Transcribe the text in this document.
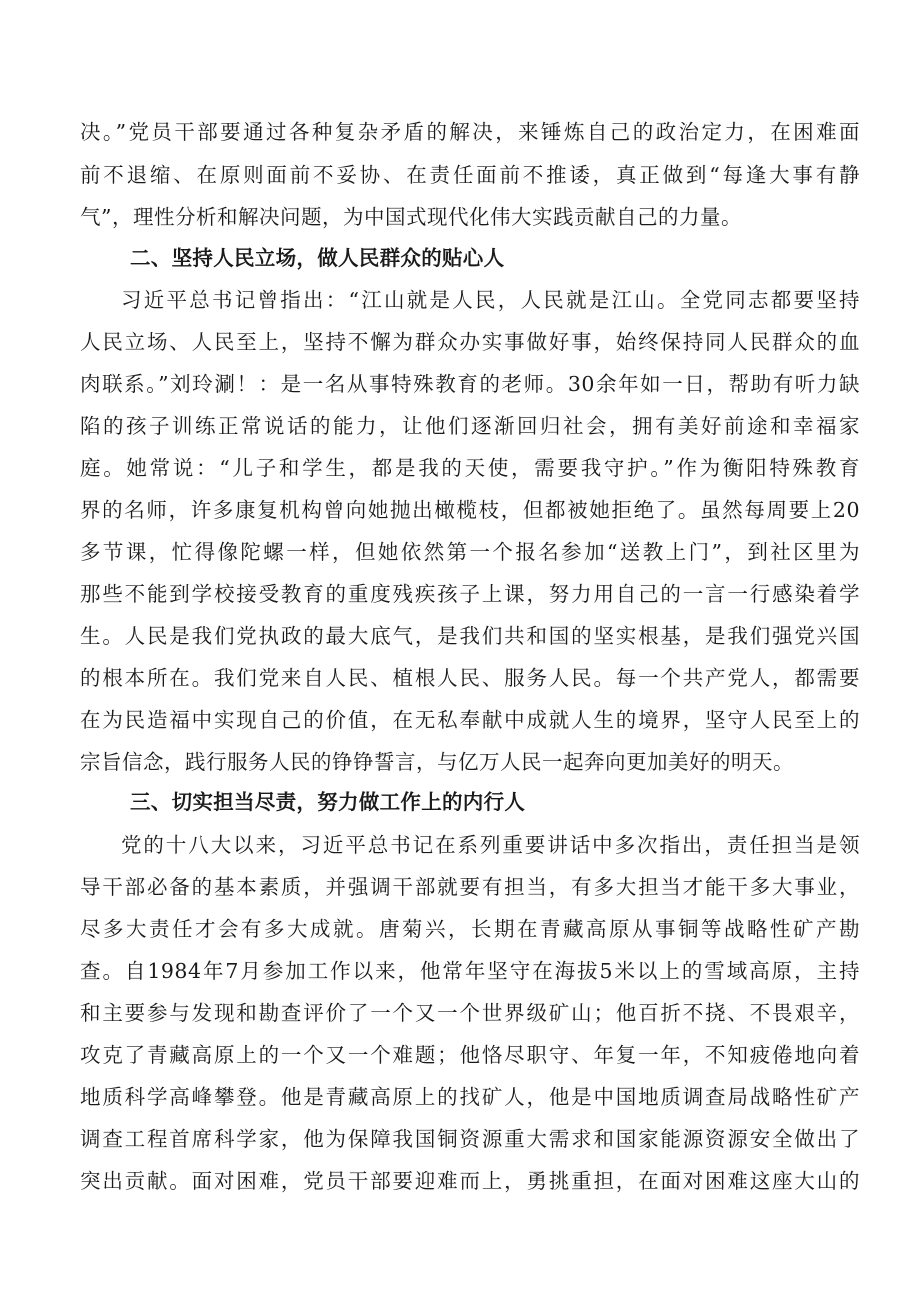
决。”党员干部要通过各种复杂矛盾的解决，来锤炼自己的政治定力，在困难面
前不退缩、在原则面前不妥协、在责任面前不推诿，真正做到“每逢大事有静
气”，理性分析和解决问题，为中国式现代化伟大实践贡献自己的力量。
二、坚持人民立场，做人民群众的贴心人
习近平总书记曾指出：“江山就是人民，人民就是江山。全党同志都要坚持
人民立场、人民至上，坚持不懈为群众办实事做好事，始终保持同人民群众的血
肉联系。”刘玲涮！：是一名从事特殊教育的老师。30余年如一日，帮助有听力缺
陷的孩子训练正常说话的能力，让他们逐渐回归社会，拥有美好前途和幸福家
庭。她常说：“儿子和学生，都是我的天使，需要我守护。”作为衡阳特殊教育
界的名师，许多康复机构曾向她抛出橄榄枝，但都被她拒绝了。虽然每周要上20
多节课，忙得像陀螺一样，但她依然第一个报名参加“送教上门”，到社区里为
那些不能到学校接受教育的重度残疾孩子上课，努力用自己的一言一行感染着学
生。人民是我们党执政的最大底气，是我们共和国的坚实根基，是我们强党兴国
的根本所在。我们党来自人民、植根人民、服务人民。每一个共产党人，都需要
在为民造福中实现自己的价值，在无私奉献中成就人生的境界，坚守人民至上的
宗旨信念，践行服务人民的铮铮誓言，与亿万人民一起奔向更加美好的明天。
三、切实担当尽责，努力做工作上的内行人
党的十八大以来，习近平总书记在系列重要讲话中多次指出，责任担当是领
导干部必备的基本素质，并强调干部就要有担当，有多大担当才能干多大事业，
尽多大责任才会有多大成就。唐菊兴，长期在青藏高原从事铜等战略性矿产勘
查。自1984年7月参加工作以来，他常年坚守在海拔5米以上的雪域高原，主持
和主要参与发现和勘查评价了一个又一个世界级矿山；他百折不挠、不畏艰辛，
攻克了青藏高原上的一个又一个难题；他恪尽职守、年复一年，不知疲倦地向着
地质科学高峰攀登。他是青藏高原上的找矿人，他是中国地质调查局战略性矿产
调查工程首席科学家，他为保障我国铜资源重大需求和国家能源资源安全做出了
突出贡献。面对困难，党员干部要迎难而上，勇挑重担，在面对困难这座大山的
